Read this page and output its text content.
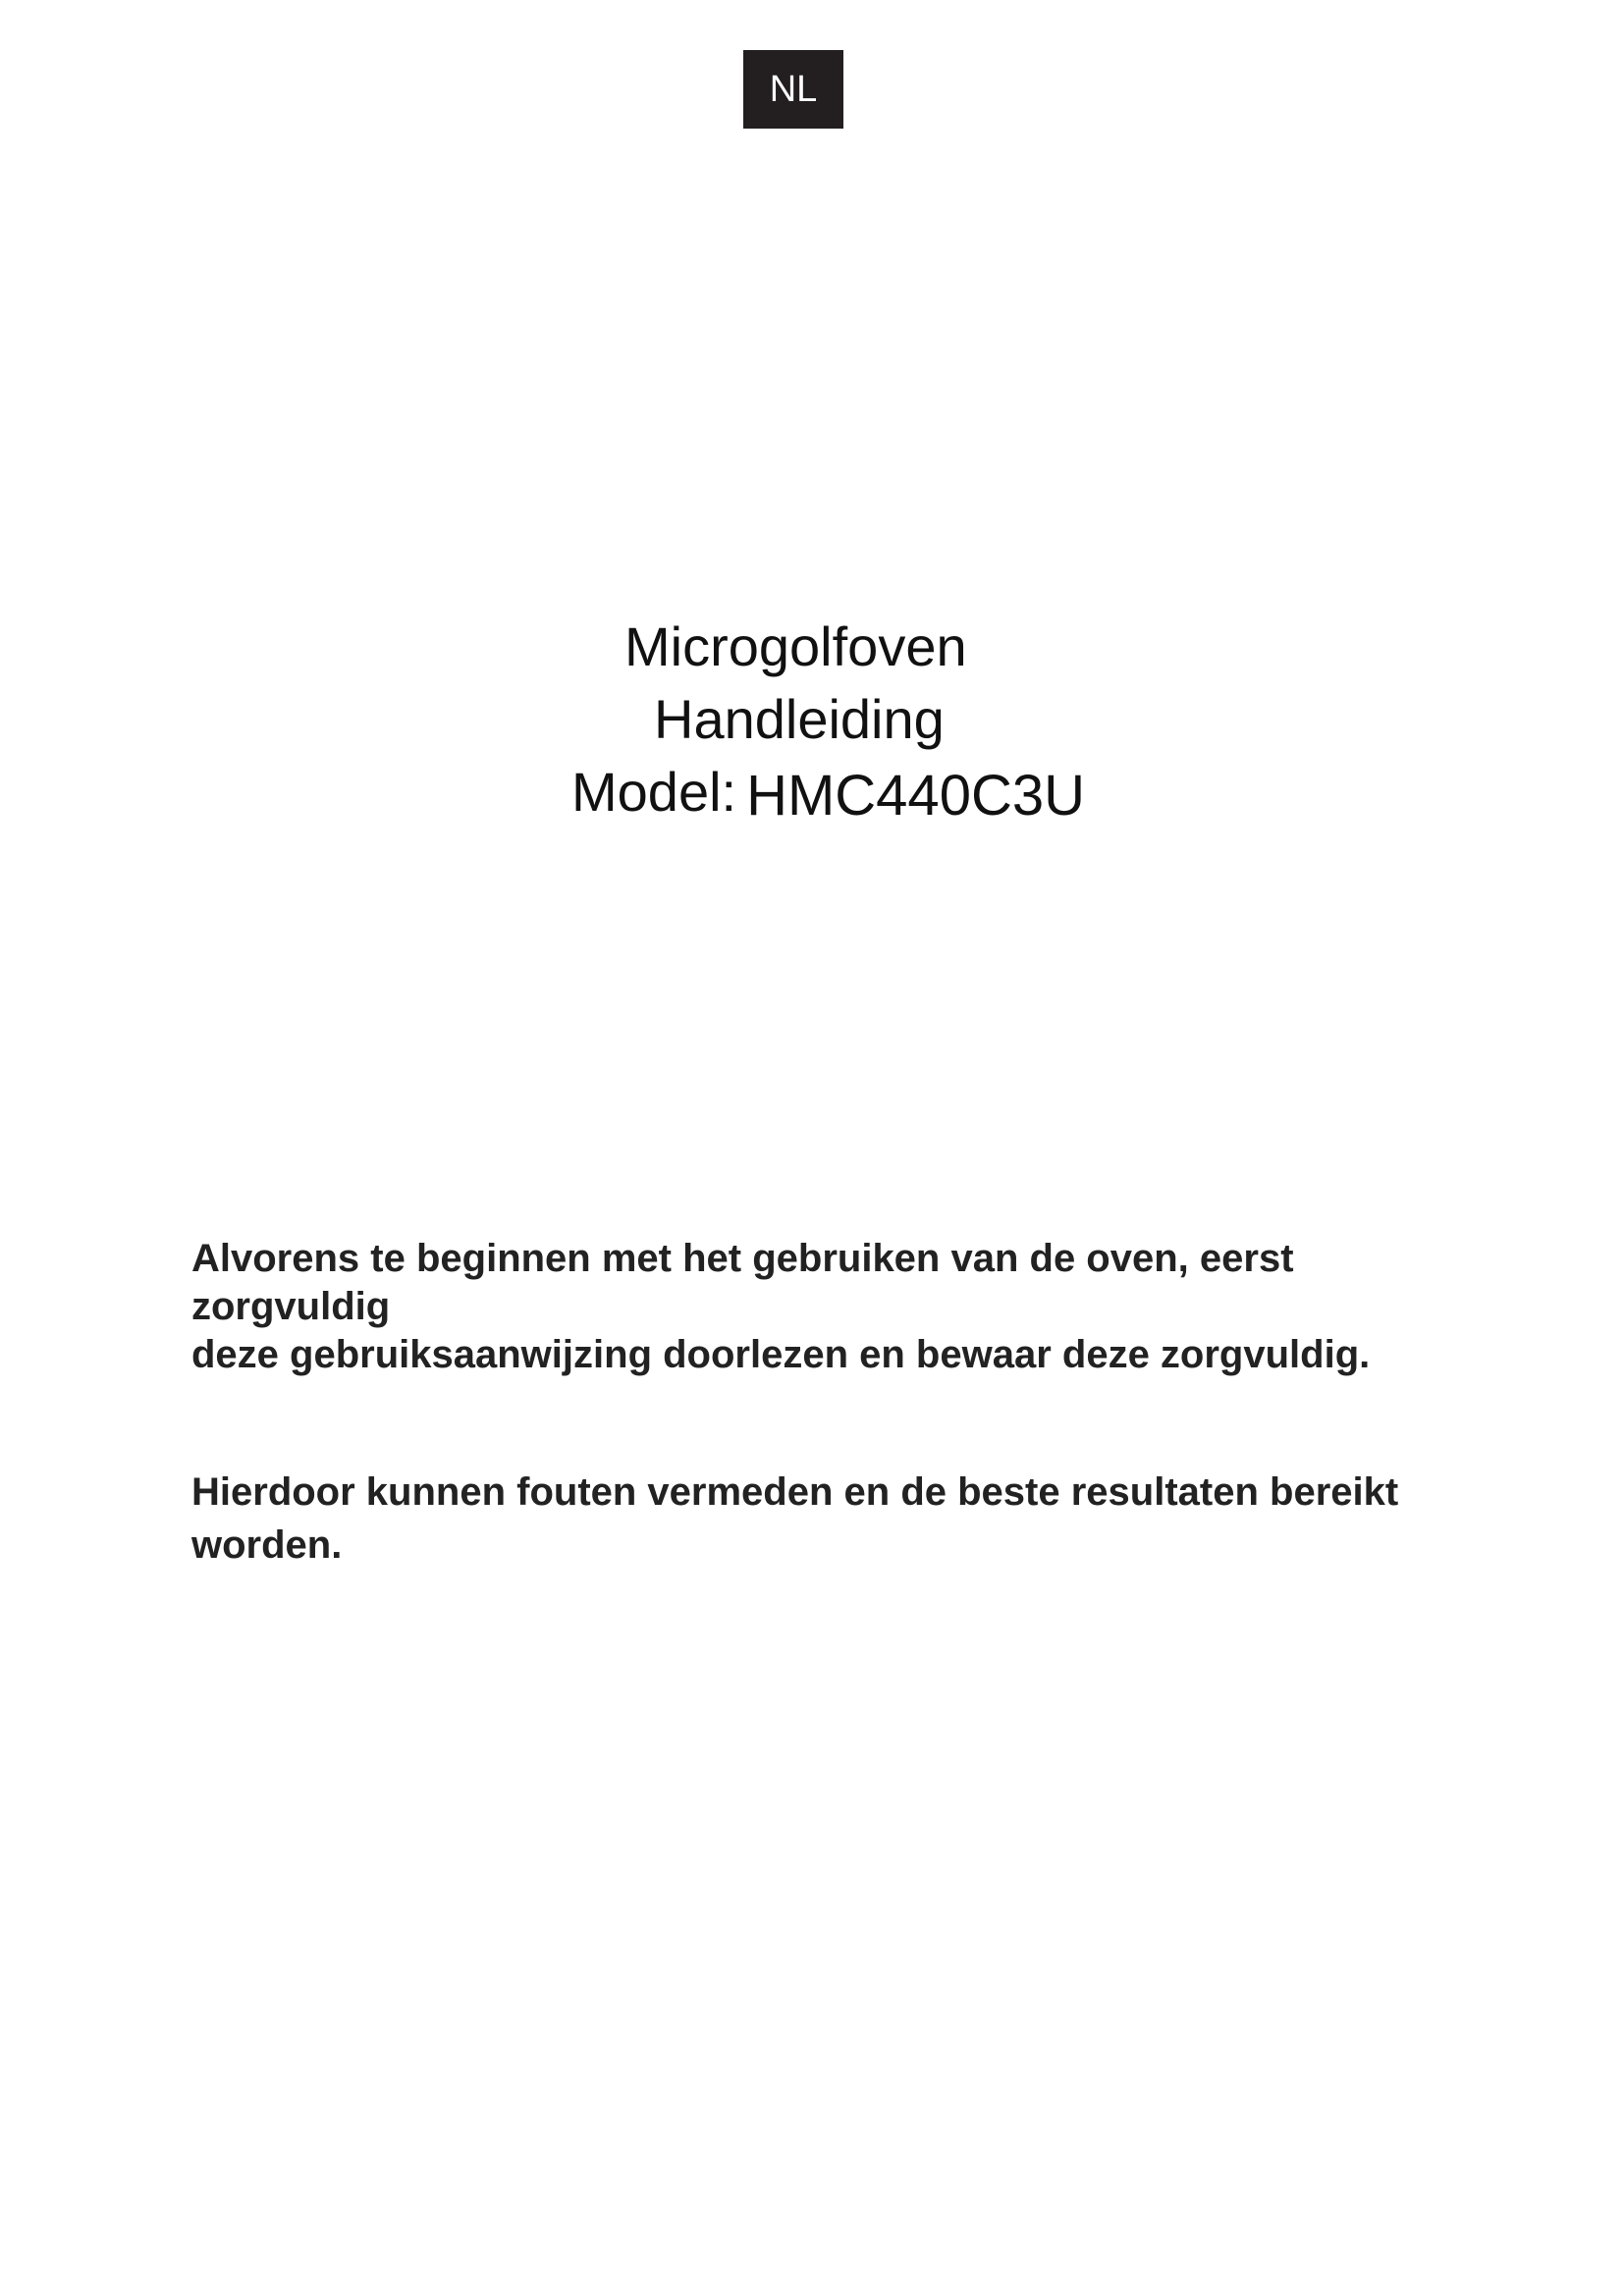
NL
Microgolfoven
Handleiding
Model: HMC440C3U

Alvorens te beginnen met het gebruiken van de oven, eerst

zorgvuldig

deze gebruiksaanwijzing doorlezen en bewaar deze zorgvuldig.

Hierdoor kunnen fouten vermeden en de beste resultaten bereikt worden.
